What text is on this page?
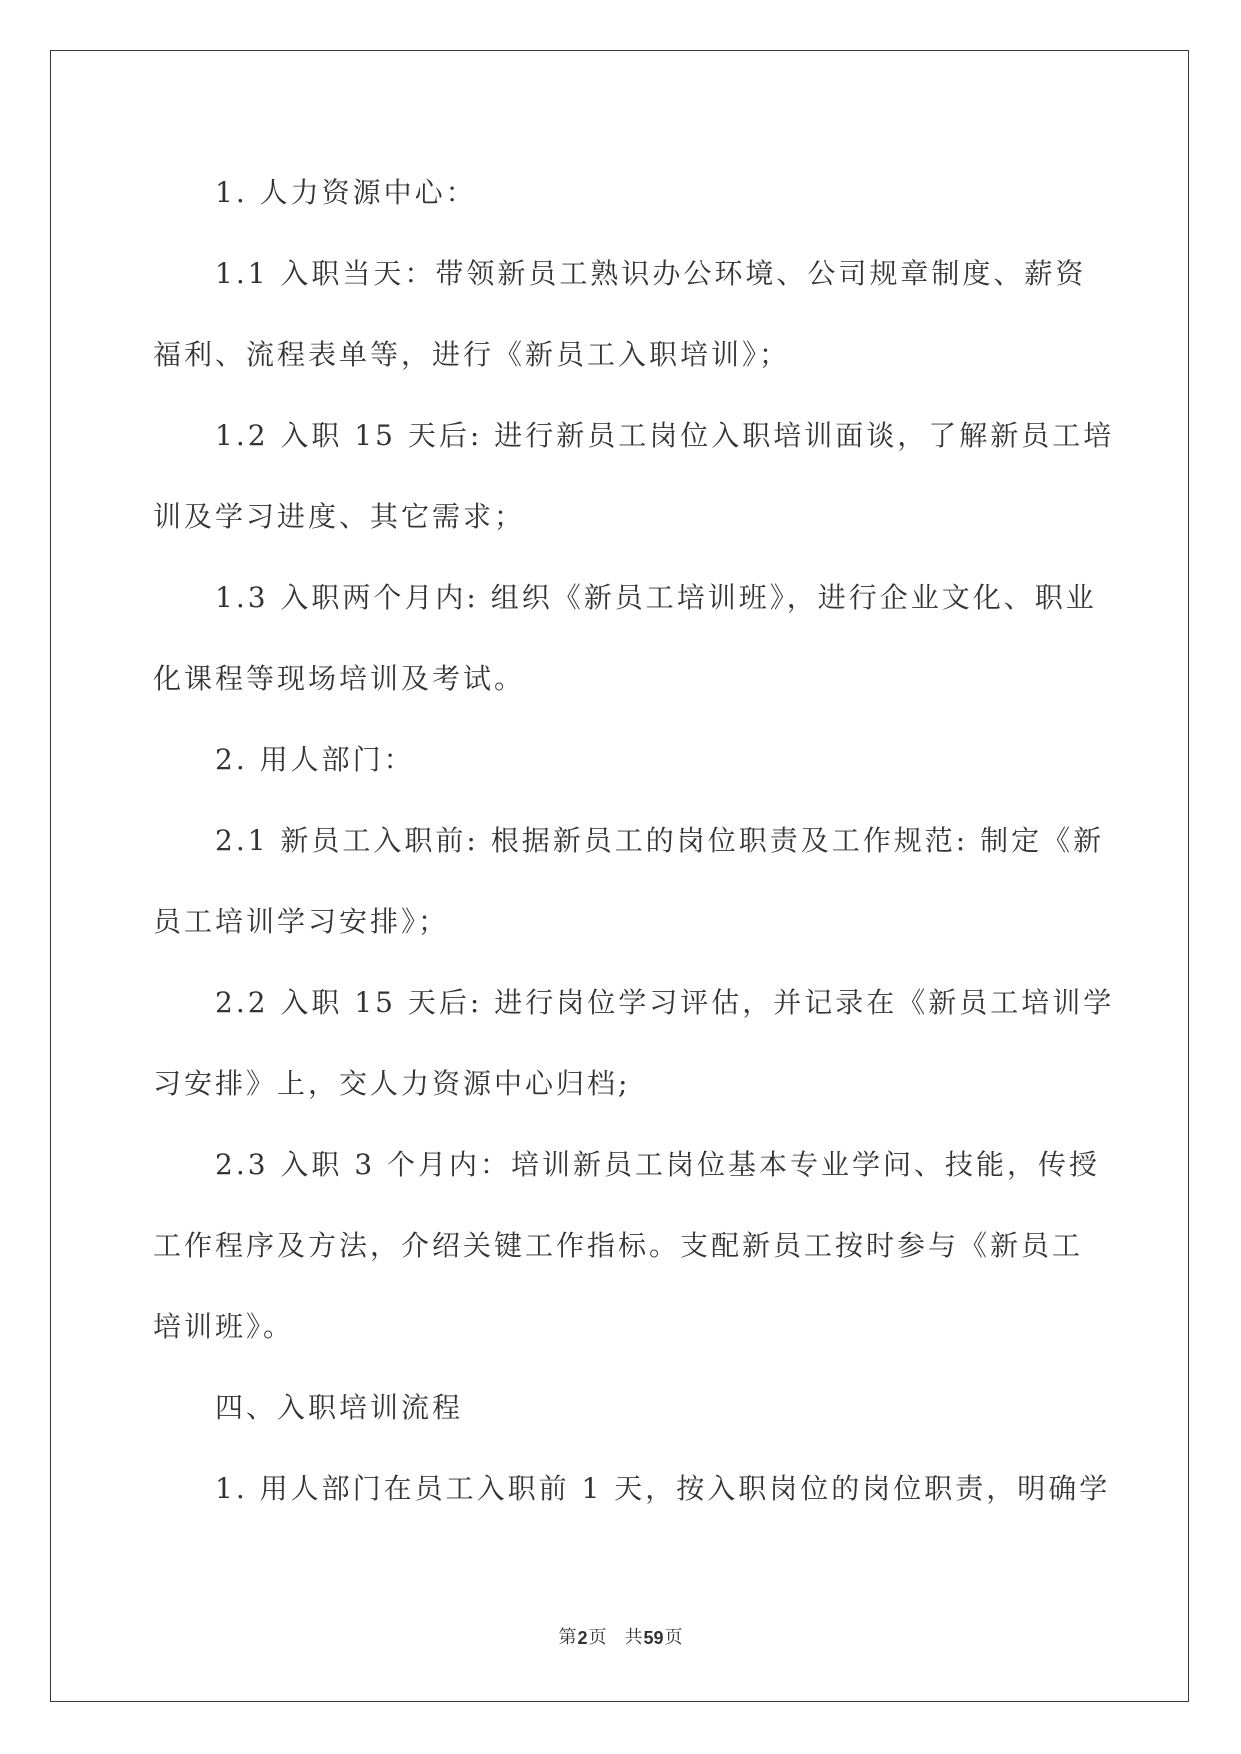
1. 人力资源中心：
1.1 入职当天：带领新员工熟识办公环境、公司规章制度、薪资
福利、流程表单等，进行《新员工入职培训》；
1.2 入职 15 天后: 进行新员工岗位入职培训面谈，了解新员工培
训及学习进度、其它需求；
1.3 入职两个月内: 组织《新员工培训班》，进行企业文化、职业
化课程等现场培训及考试。
2. 用人部门：
2.1 新员工入职前: 根据新员工的岗位职责及工作规范: 制定《新
员工培训学习安排》；
2.2 入职 15 天后: 进行岗位学习评估，并记录在《新员工培训学
习安排》上，交人力资源中心归档;
2.3 入职 3 个月内：培训新员工岗位基本专业学问、技能，传授
工作程序及方法，介绍关键工作指标。支配新员工按时参与《新员工
培训班》。
四、入职培训流程
1. 用人部门在员工入职前 1 天，按入职岗位的岗位职责，明确学
第 2 页 共 59 页
